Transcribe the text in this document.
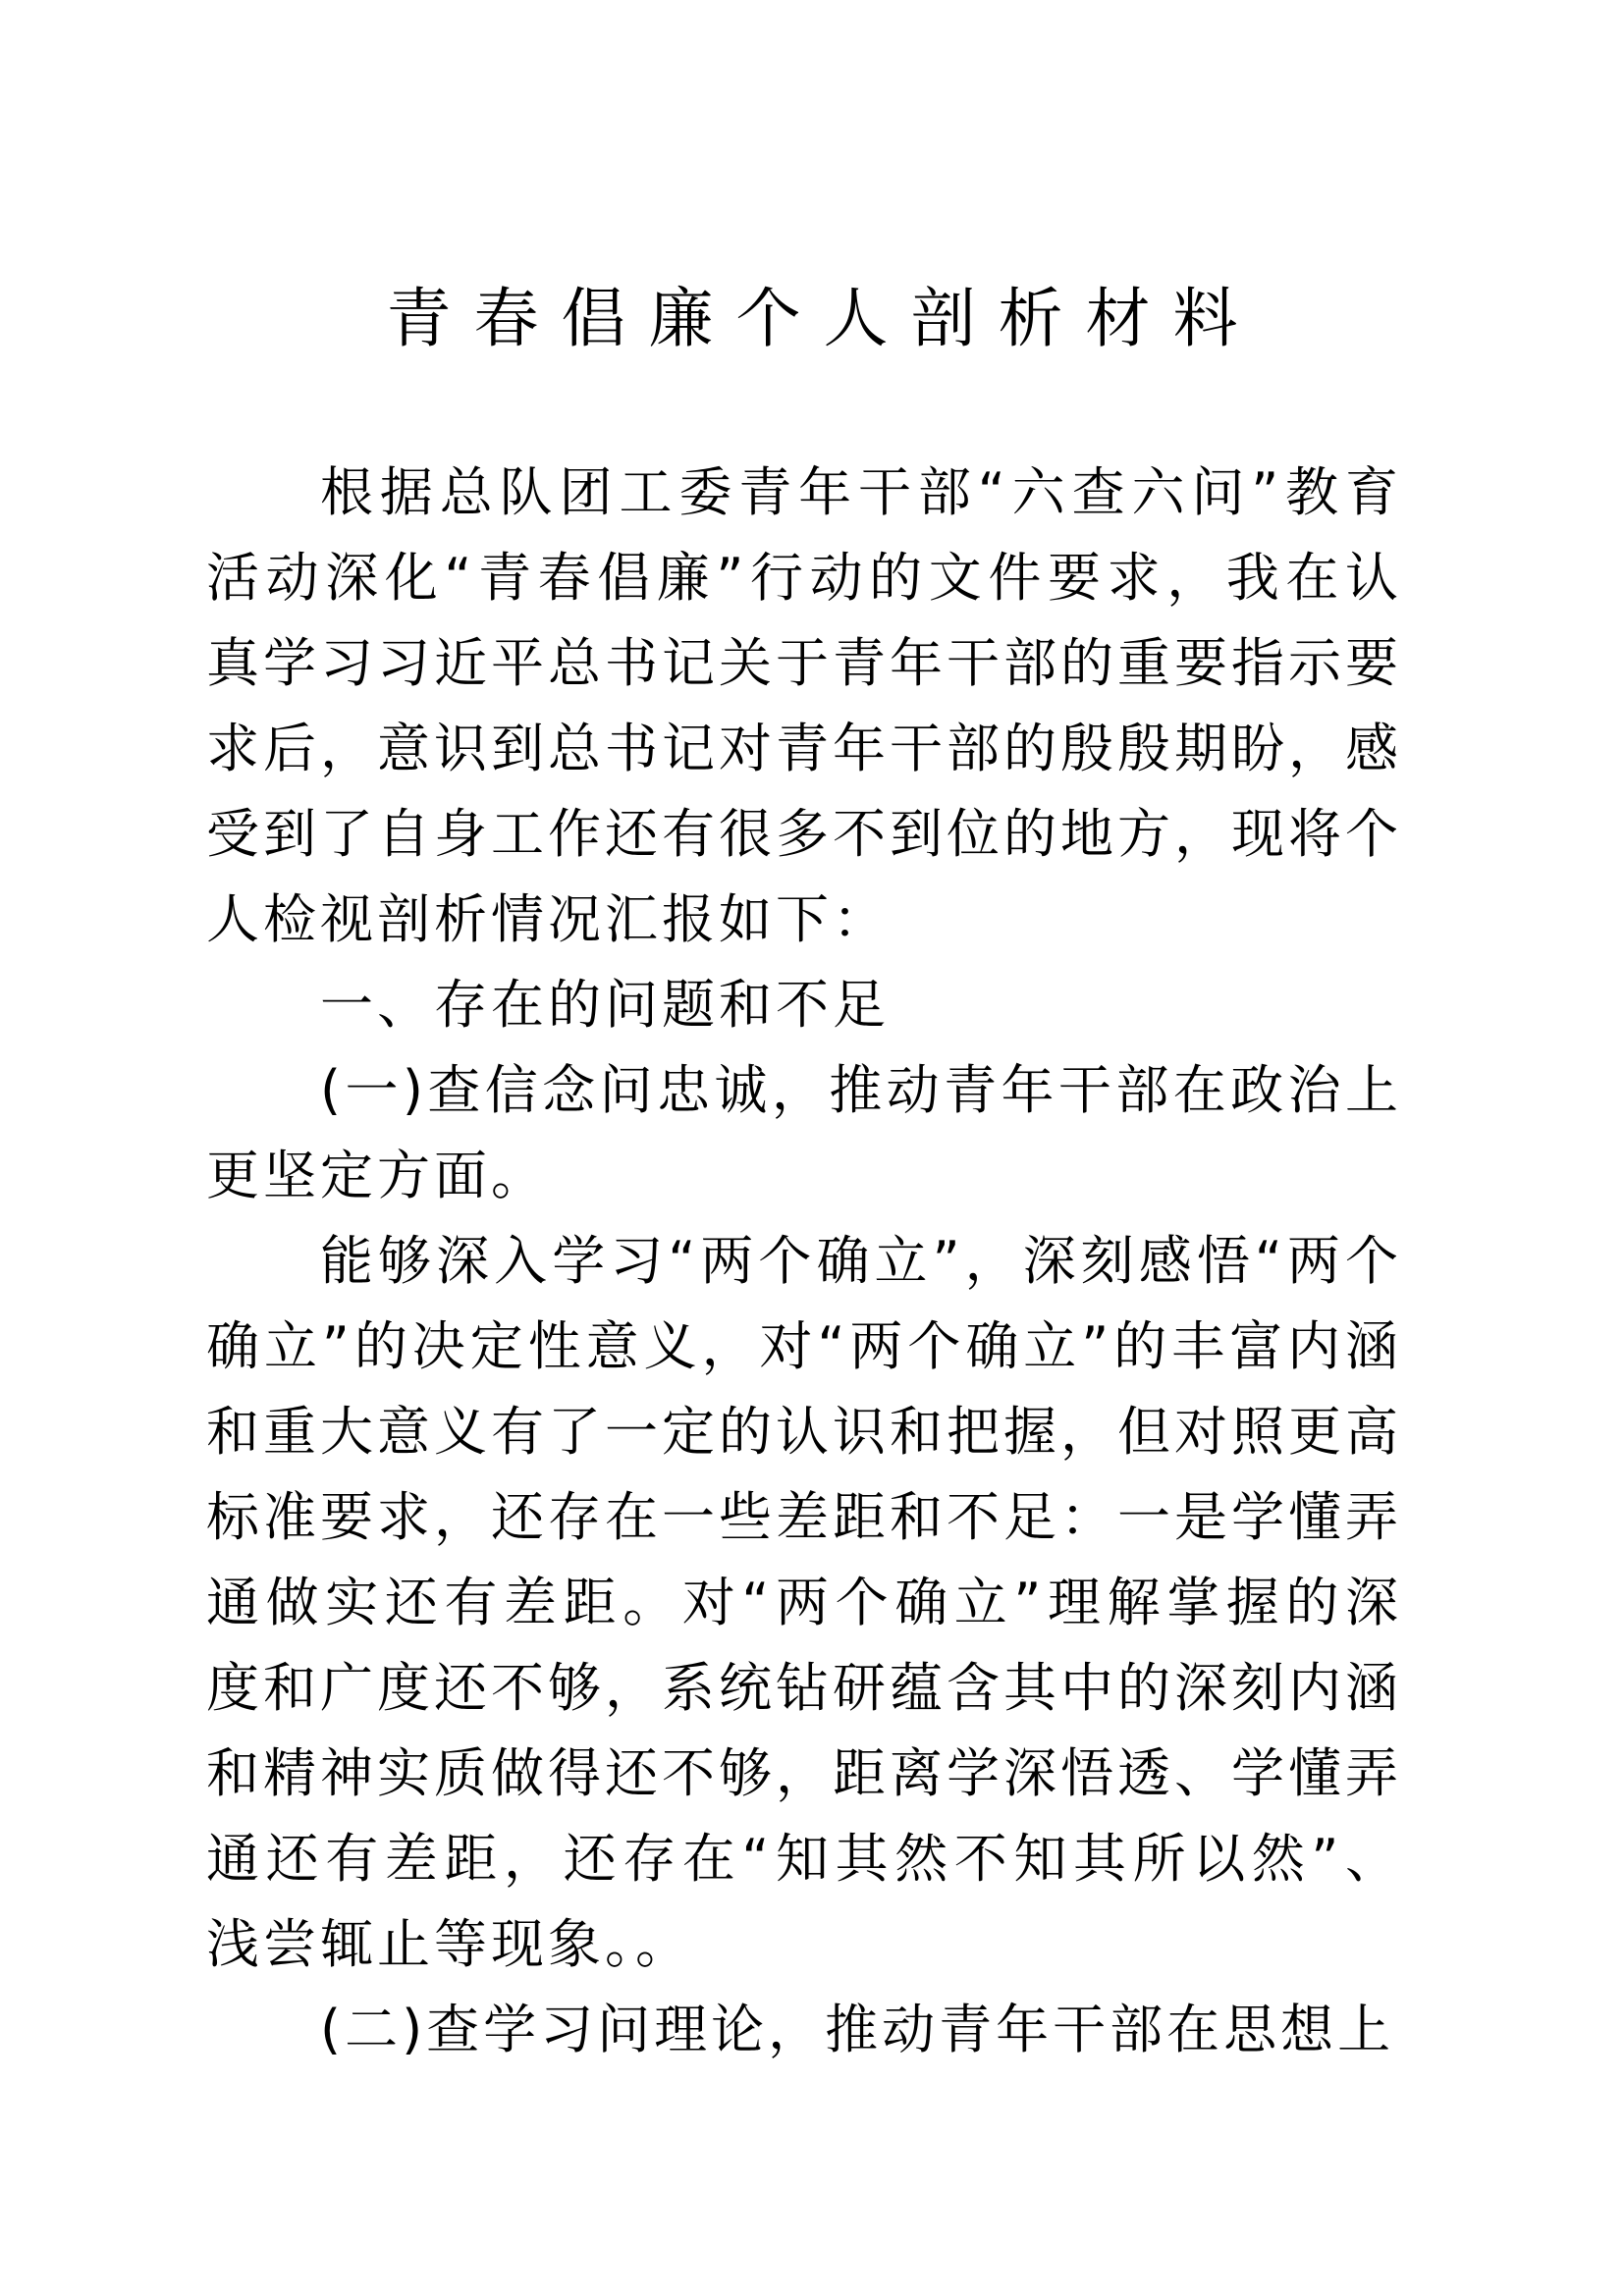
青春倡廉个人剖析材料

根据总队团工委青年干部“六查六问”教育活动深化“青春倡廉”行动的文件要求，我在认真学习习近平总书记关于青年干部的重要指示要求后，意识到总书记对青年干部的殷殷期盼，感受到了自身工作还有很多不到位的地方，现将个人检视剖析情况汇报如下：

一、存在的问题和不足

(一)查信念问忠诚，推动青年干部在政治上更坚定方面。

能够深入学习“两个确立”，深刻感悟“两个确立”的决定性意义，对“两个确立”的丰富内涵和重大意义有了一定的认识和把握，但对照更高标准要求，还存在一些差距和不足：一是学懂弄通做实还有差距。对“两个确立”理解掌握的深度和广度还不够，系统钻研蕴含其中的深刻内涵和精神实质做得还不够，距离学深悟透、学懂弄通还有差距，还存在“知其然不知其所以然”、浅尝辄止等现象。。

(二)查学习问理论，推动青年干部在思想上
